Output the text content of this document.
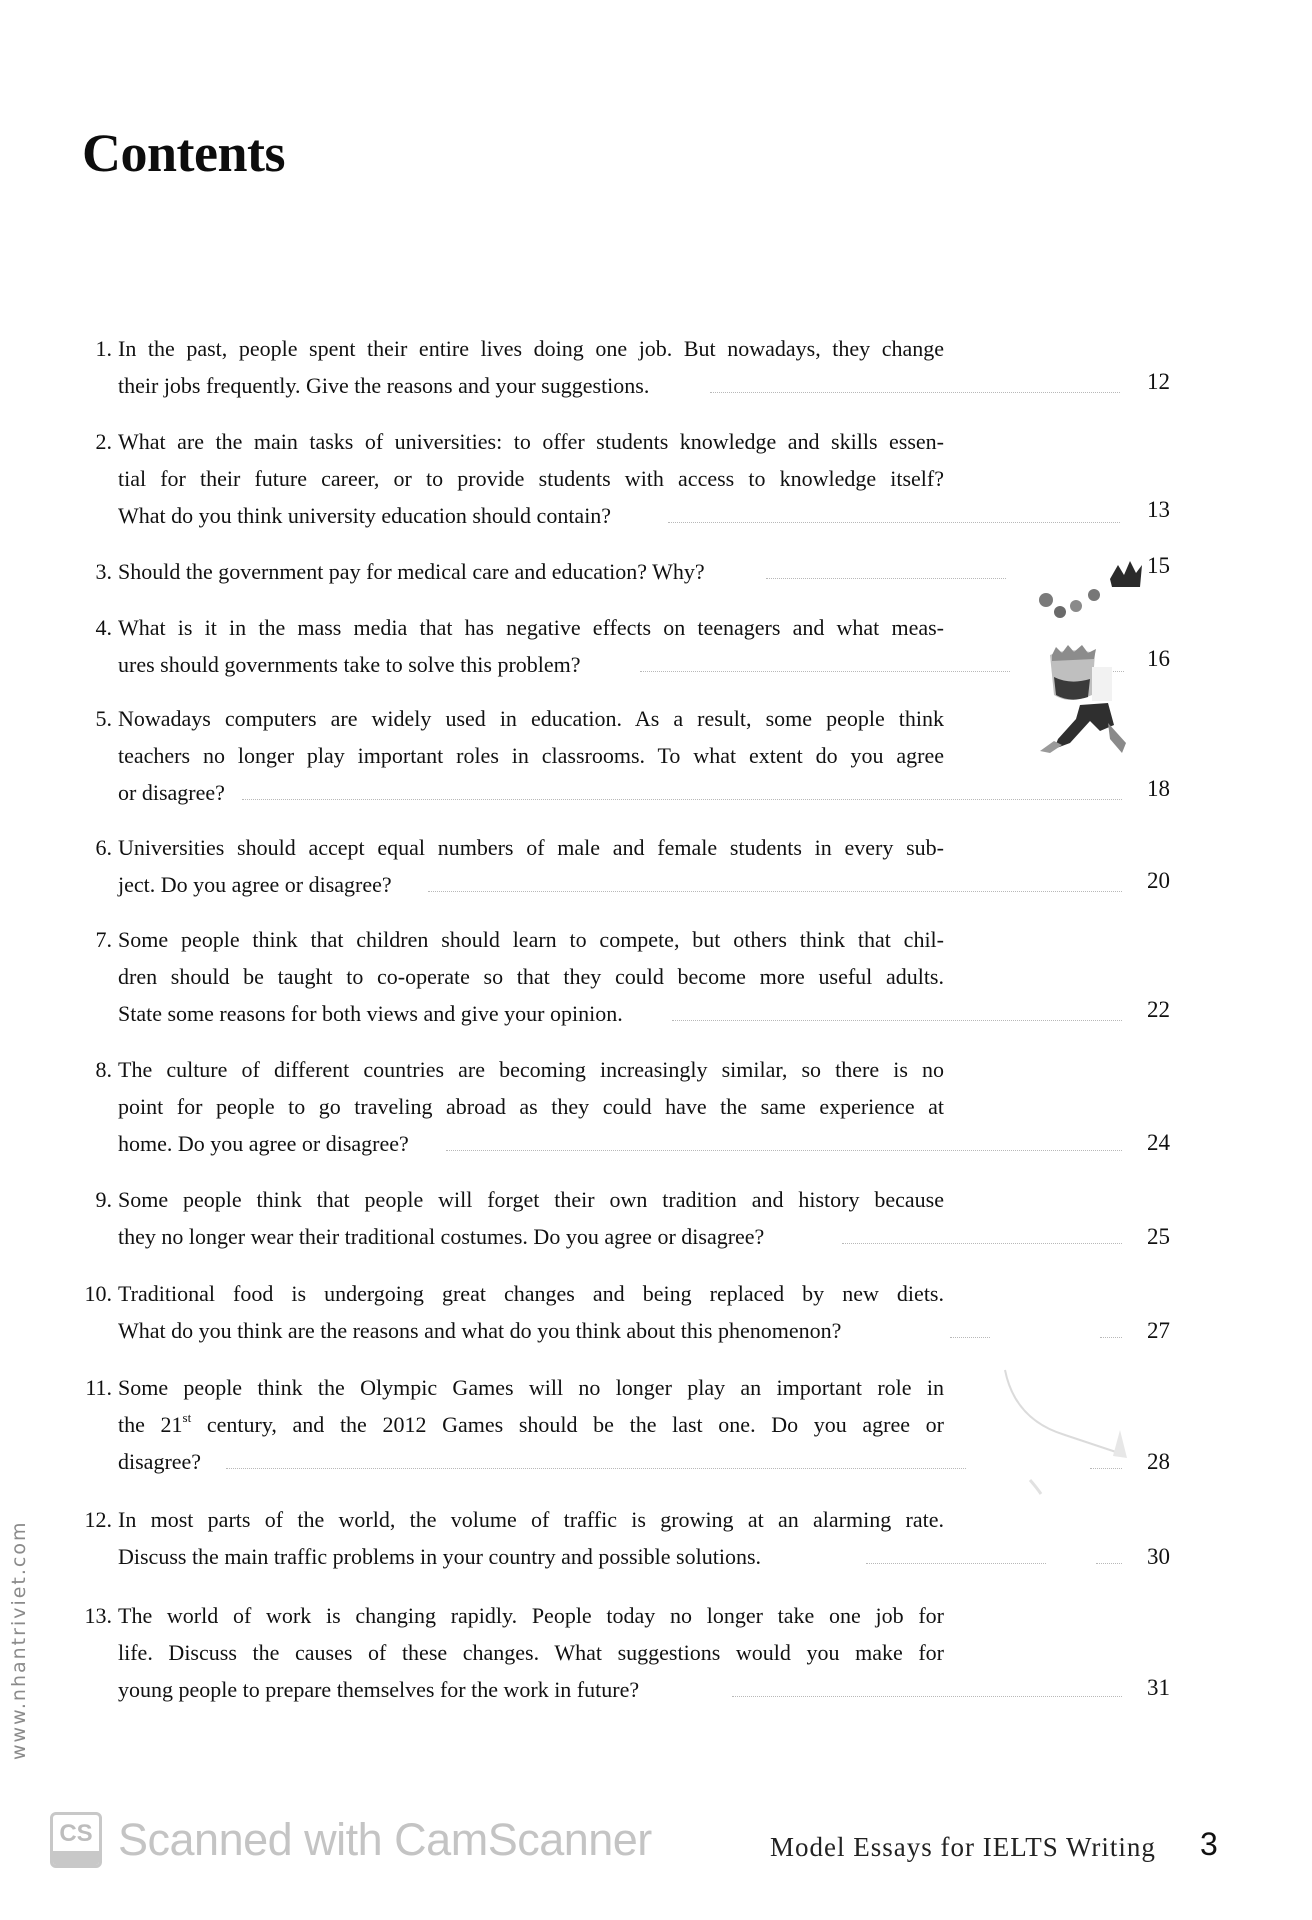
Contents
1. In the past, people spent their entire lives doing one job. But nowadays, they change
their jobs frequently. Give the reasons and your suggestions.	12
2. What are the main tasks of universities: to offer students knowledge and skills essen-
tial for their future career, or to provide students with access to knowledge itself?
What do you think university education should contain?	13
3. Should the government pay for medical care and education? Why?	15
4. What is it in the mass media that has negative effects on teenagers and what meas-
ures should governments take to solve this problem?	16
5. Nowadays computers are widely used in education. As a result, some people think
teachers no longer play important roles in classrooms. To what extent do you agree
or disagree?	18
6. Universities should accept equal numbers of male and female students in every sub-
ject. Do you agree or disagree?	20
7. Some people think that children should learn to compete, but others think that chil-
dren should be taught to co-operate so that they could become more useful adults.
State some reasons for both views and give your opinion.	22
8. The culture of different countries are becoming increasingly similar, so there is no
point for people to go traveling abroad as they could have the same experience at
home. Do you agree or disagree?	24
9. Some people think that people will forget their own tradition and history because
they no longer wear their traditional costumes. Do you agree or disagree?	25
10. Traditional food is undergoing great changes and being replaced by new diets.
What do you think are the reasons and what do you think about this phenomenon?	27
11. Some people think the Olympic Games will no longer play an important role in
the 21st century, and the 2012 Games should be the last one. Do you agree or
disagree?	28
12. In most parts of the world, the volume of traffic is growing at an alarming rate.
Discuss the main traffic problems in your country and possible solutions.	30
13. The world of work is changing rapidly. People today no longer take one job for
life. Discuss the causes of these changes. What suggestions would you make for
young people to prepare themselves for the work in future?	31
www.nhantriviet.com
CS Scanned with CamScanner	Model Essays for IELTS Writing 3
